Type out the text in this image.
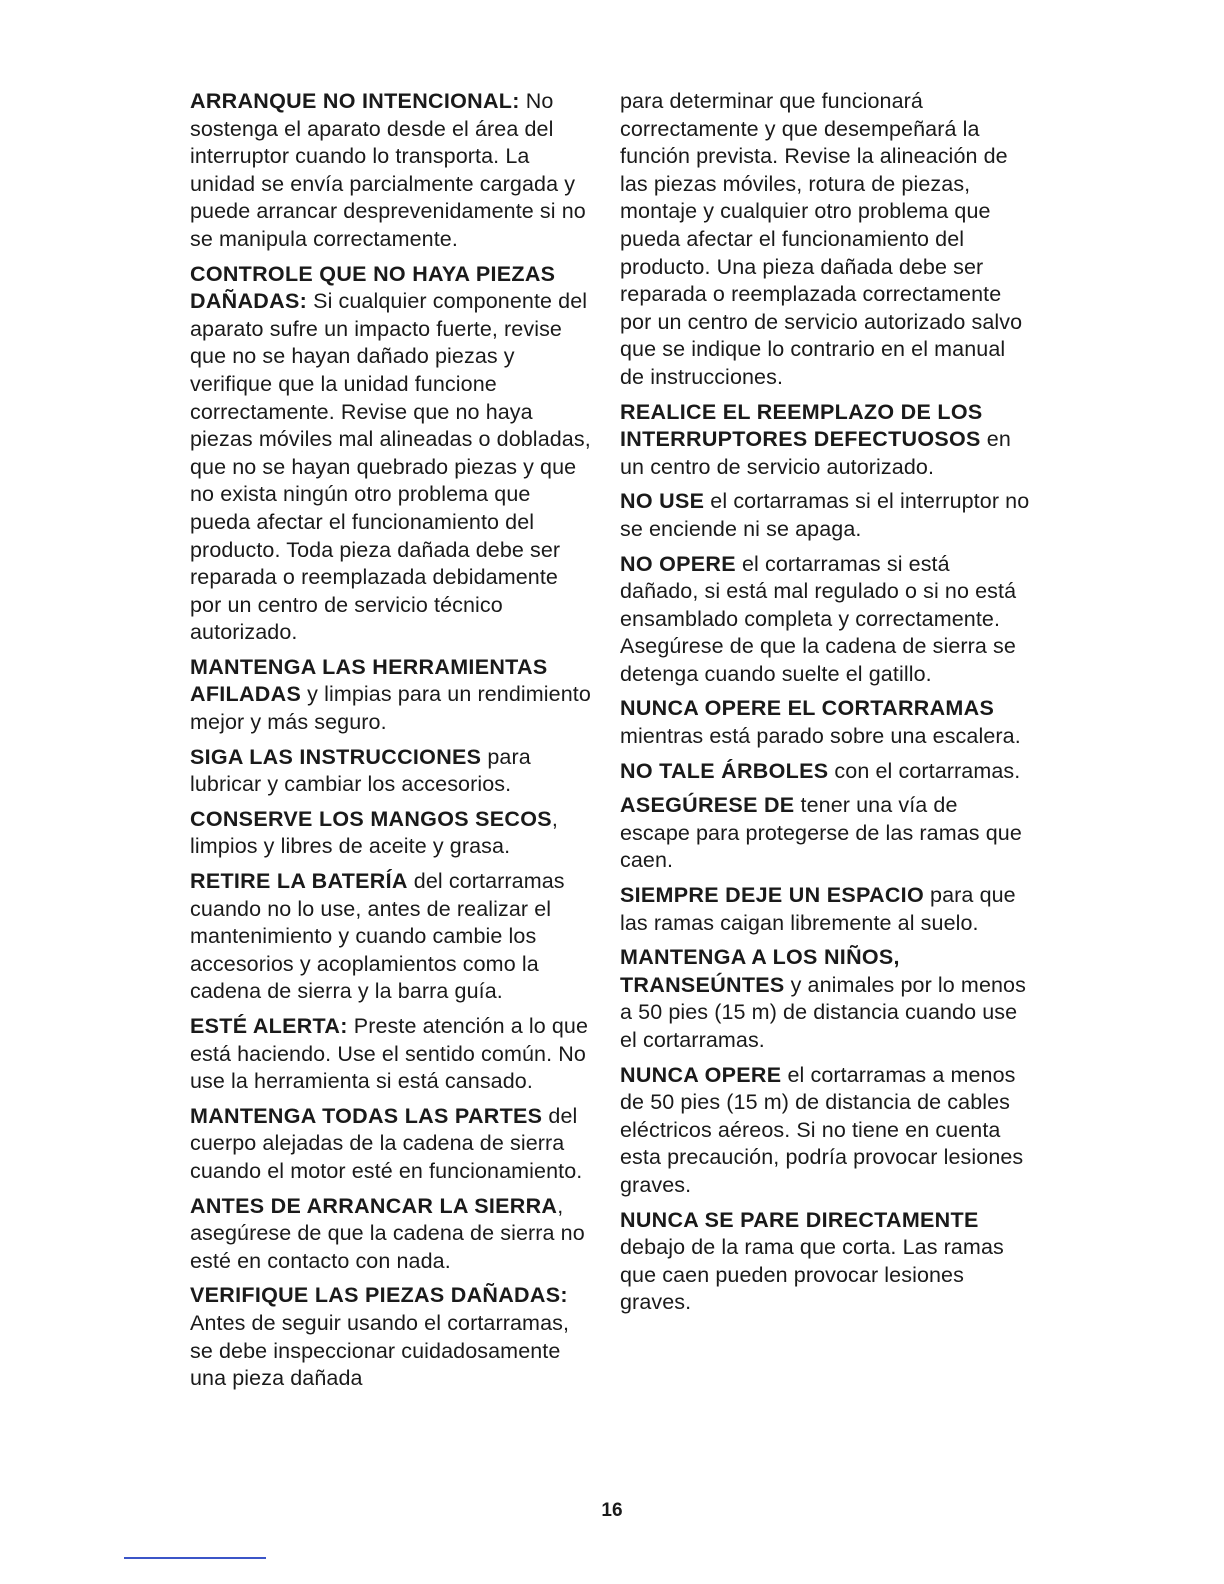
ARRANQUE NO INTENCIONAL: No sostenga el aparato desde el área del interruptor cuando lo transporta. La unidad se envía parcialmente cargada y puede arrancar desprevenidamente si no se manipula correctamente.

CONTROLE QUE NO HAYA PIEZAS DAÑADAS: Si cualquier componente del aparato sufre un impacto fuerte, revise que no se hayan dañado piezas y verifique que la unidad funcione correctamente. Revise que no haya piezas móviles mal alineadas o dobladas, que no se hayan quebrado piezas y que no exista ningún otro problema que pueda afectar el funcionamiento del producto. Toda pieza dañada debe ser reparada o reemplazada debidamente por un centro de servicio técnico autorizado.

MANTENGA LAS HERRAMIENTAS AFILADAS y limpias para un rendimiento mejor y más seguro.

SIGA LAS INSTRUCCIONES para lubricar y cambiar los accesorios.

CONSERVE LOS MANGOS SECOS, limpios y libres de aceite y grasa.

RETIRE LA BATERÍA del cortarramas cuando no lo use, antes de realizar el mantenimiento y cuando cambie los accesorios y acoplamientos como la cadena de sierra y la barra guía.

ESTÉ ALERTA: Preste atención a lo que está haciendo. Use el sentido común. No use la herramienta si está cansado.

MANTENGA TODAS LAS PARTES del cuerpo alejadas de la cadena de sierra cuando el motor esté en funcionamiento.

ANTES DE ARRANCAR LA SIERRA, asegúrese de que la cadena de sierra no esté en contacto con nada.

VERIFIQUE LAS PIEZAS DAÑADAS: Antes de seguir usando el cortarramas, se debe inspeccionar cuidadosamente una pieza dañada

para determinar que funcionará correctamente y que desempeñará la función prevista. Revise la alineación de las piezas móviles, rotura de piezas, montaje y cualquier otro problema que pueda afectar el funcionamiento del producto. Una pieza dañada debe ser reparada o reemplazada correctamente por un centro de servicio autorizado salvo que se indique lo contrario en el manual de instrucciones.

REALICE EL REEMPLAZO DE LOS INTERRUPTORES DEFECTUOSOS en un centro de servicio autorizado.

NO USE el cortarramas si el interruptor no se enciende ni se apaga.

NO OPERE el cortarramas si está dañado, si está mal regulado o si no está ensamblado completa y correctamente. Asegúrese de que la cadena de sierra se detenga cuando suelte el gatillo.

NUNCA OPERE EL CORTARRAMAS mientras está parado sobre una escalera.

NO TALE ÁRBOLES con el cortarramas.

ASEGÚRESE DE tener una vía de escape para protegerse de las ramas que caen.

SIEMPRE DEJE UN ESPACIO para que las ramas caigan libremente al suelo.

MANTENGA A LOS NIÑOS, TRANSEÚNTES y animales por lo menos a 50 pies (15 m) de distancia cuando use el cortarramas.

NUNCA OPERE el cortarramas a menos de 50 pies (15 m) de distancia de cables eléctricos aéreos. Si no tiene en cuenta esta precaución, podría provocar lesiones graves.

NUNCA SE PARE DIRECTAMENTE debajo de la rama que corta. Las ramas que caen pueden provocar lesiones graves.

16
